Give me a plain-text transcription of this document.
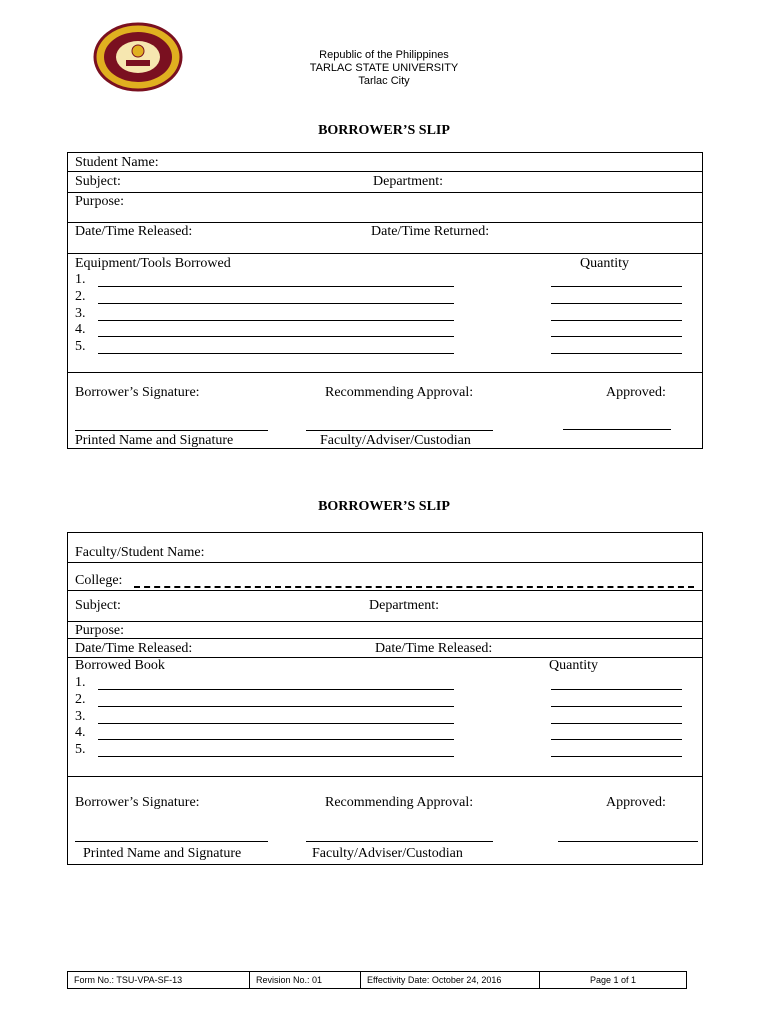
Republic of the Philippines
TARLAC STATE UNIVERSITY
Tarlac City
BORROWER’S SLIP
Student Name:
Subject:	Department:
Purpose:
Date/Time Released:	Date/Time Returned:
Equipment/Tools Borrowed	Quantity
1.
2.
3.
4.
5.
Borrower’s Signature:	Recommending Approval:	Approved:
Printed Name and Signature	Faculty/Adviser/Custodian
BORROWER’S SLIP
Faculty/Student Name:
College:
Subject:	Department:
Purpose:
Date/Time Released:	Date/Time Released:
Borrowed Book	Quantity
1.
2.
3.
4.
5.
Borrower’s Signature:	Recommending Approval:	Approved:
Printed Name and Signature	Faculty/Adviser/Custodian
Form No.: TSU-VPA-SF-13	Revision No.: 01	Effectivity Date: October 24, 2016	Page 1 of 1
